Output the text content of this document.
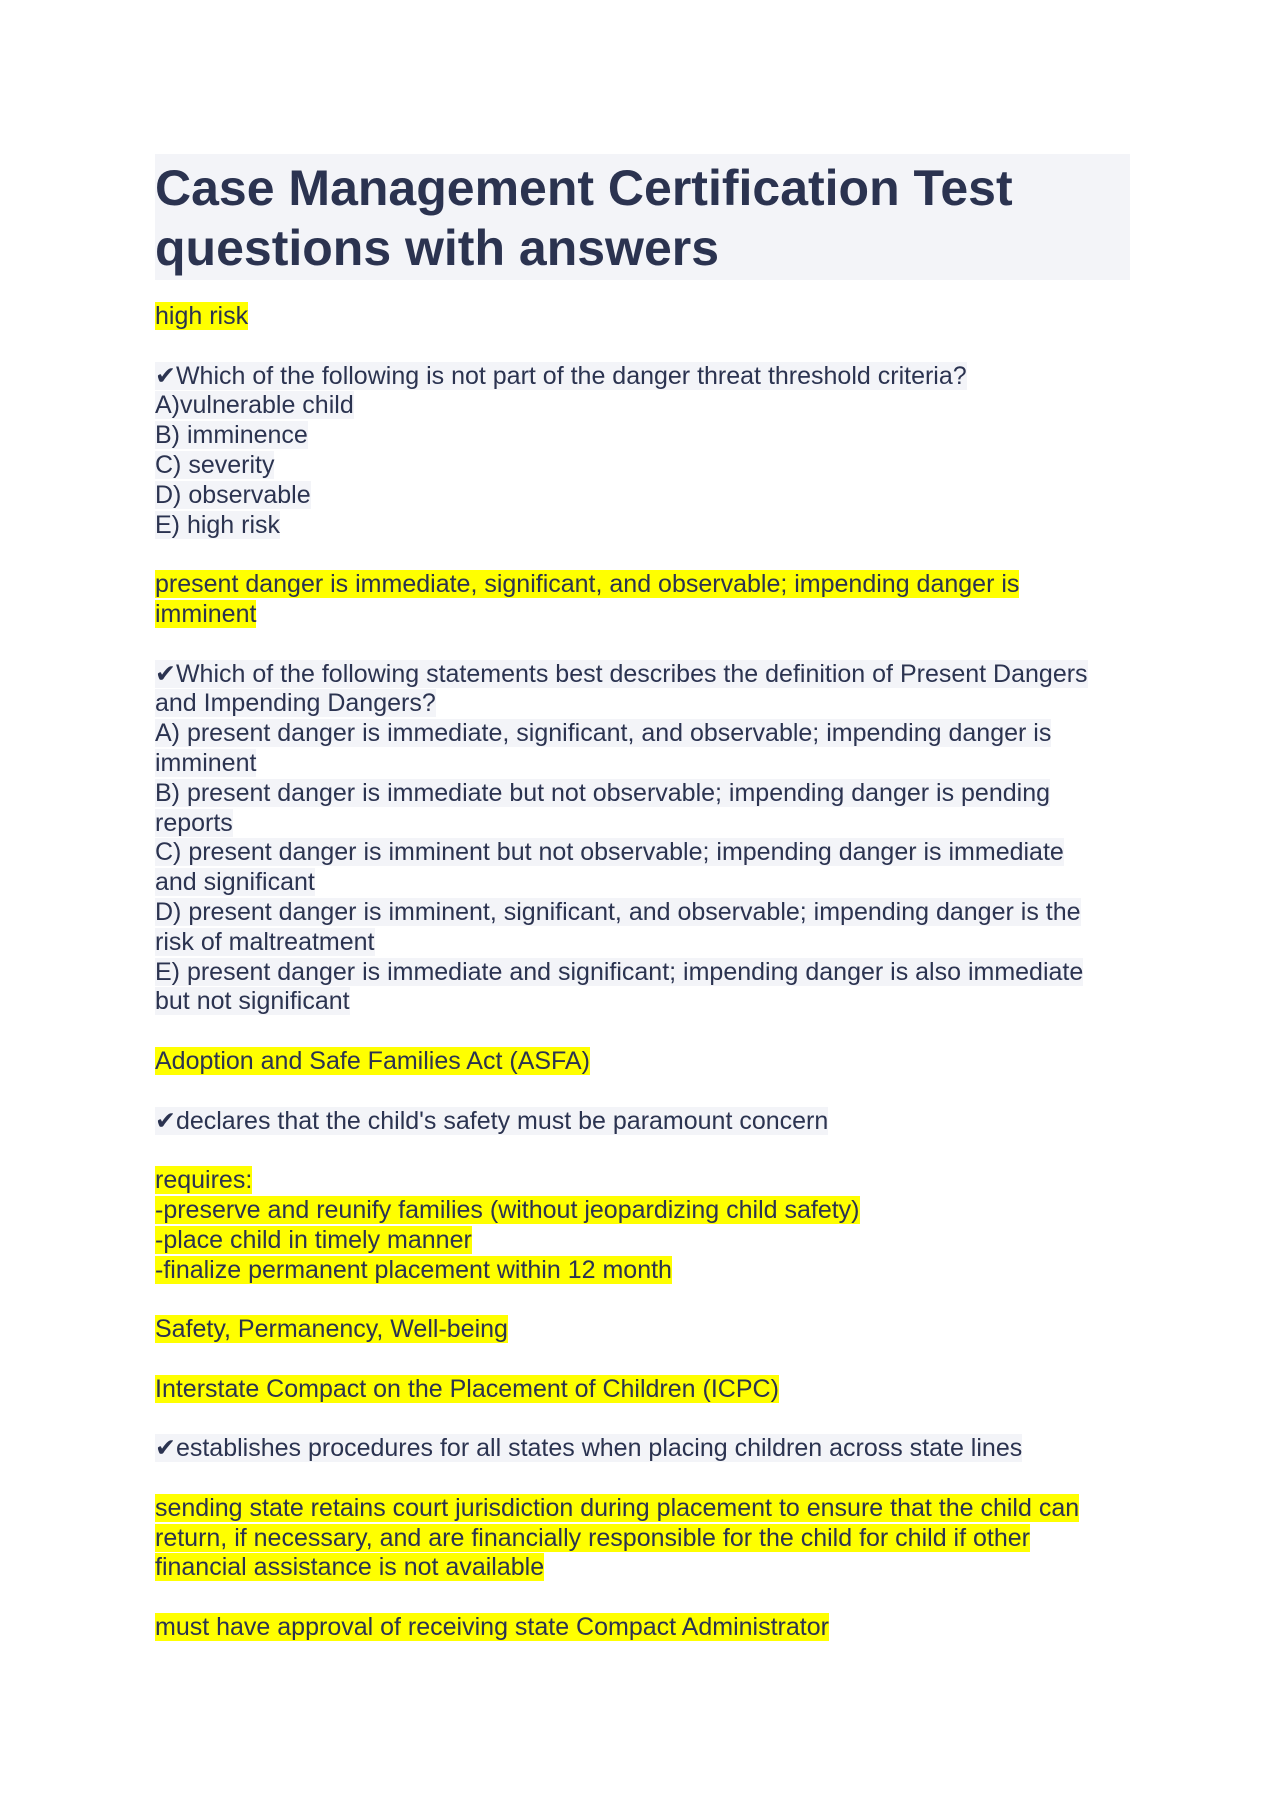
Case Management Certification Test
questions with answers
high risk
✔Which of the following is not part of the danger threat threshold criteria?
A)vulnerable child
B) imminence
C) severity
D) observable
E) high risk
present danger is immediate, significant, and observable; impending danger is
imminent
✔Which of the following statements best describes the definition of Present Dangers
and Impending Dangers?
A) present danger is immediate, significant, and observable; impending danger is
imminent
B) present danger is immediate but not observable; impending danger is pending
reports
C) present danger is imminent but not observable; impending danger is immediate
and significant
D) present danger is imminent, significant, and observable; impending danger is the
risk of maltreatment
E) present danger is immediate and significant; impending danger is also immediate
but not significant
Adoption and Safe Families Act (ASFA)
✔declares that the child's safety must be paramount concern
requires:
-preserve and reunify families (without jeopardizing child safety)
-place child in timely manner
-finalize permanent placement within 12 month
Safety, Permanency, Well-being
Interstate Compact on the Placement of Children (ICPC)
✔establishes procedures for all states when placing children across state lines
sending state retains court jurisdiction during placement to ensure that the child can
return, if necessary, and are financially responsible for the child for child if other
financial assistance is not available
must have approval of receiving state Compact Administrator
